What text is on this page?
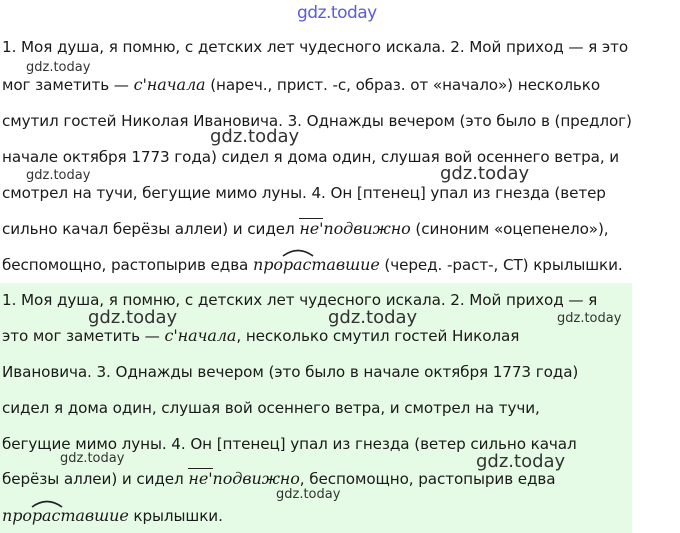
gdz.today
gdz.today
gdz.today
gdz.today	gdz.today
gdz.today	gdz.today	gdz.today
gdz.today	gdz.today
gdz.today
1. Моя душа, я помню, с детских лет чудесного искала. 2. Мой приход — я это
мог заметить — с'начала (нареч., прист. -с, образ. от «начало») несколько
смутил гостей Николая Ивановича. 3. Однажды вечером (это было в (предлог)
начале октября 1773 года) сидел я дома один, слушая вой осеннего ветра, и
смотрел на тучи, бегущие мимо луны. 4. Он [птенец] упал из гнезда (ветер
сильно качал берёзы аллеи) и сидел не'подвижно (синоним «оцепенело»),
беспомощно, растопырив едва про
раставшие (черед. -раст-, СТ) крылышки.
1. Моя душа, я помню, с детских лет чудесного искала. 2. Мой приход — я
это мог заметить — с'начала, несколько смутил гостей Николая
Ивановича. 3. Однажды вечером (это было в начале октября 1773 года)
сидел я дома один, слушая вой осеннего ветра, и смотрел на тучи,
бегущие мимо луны. 4. Он [птенец] упал из гнезда (ветер сильно качал
берёзы аллеи) и сидел не'подвижно, беспомощно, растопырив едва
про
раставшие крылышки.
